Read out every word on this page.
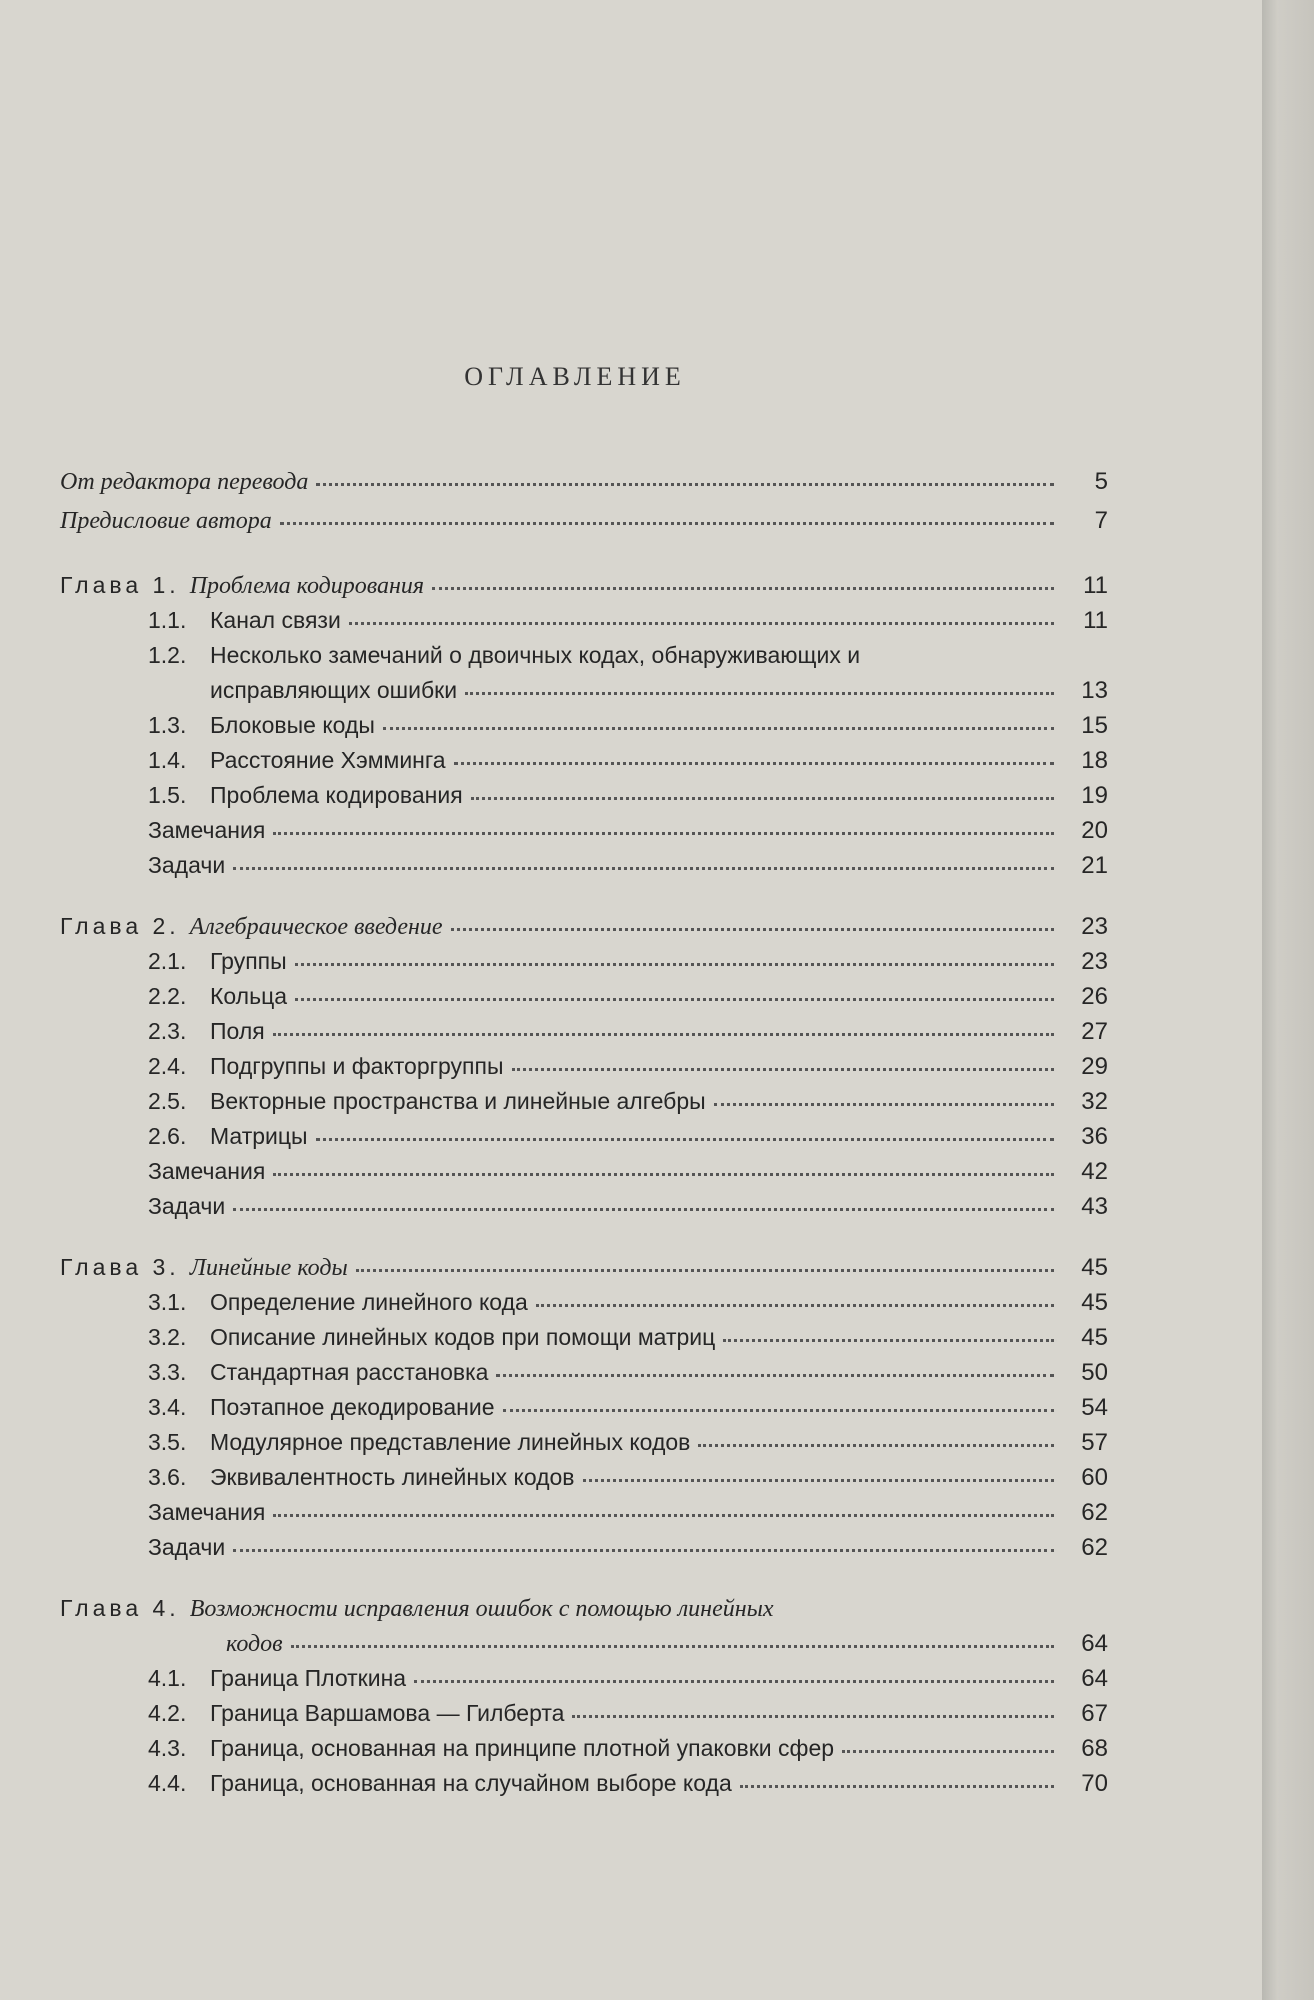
ОГЛАВЛЕНИЕ
От редактора перевода	5
Предисловие автора	7
Глава 1. Проблема кодирования	11
1.1.	Канал связи	11
1.2.	Несколько замечаний о двоичных кодах, обнаруживающих и
исправляющих ошибки	13
1.3.	Блоковые коды	15
1.4.	Расстояние Хэмминга	18
1.5.	Проблема кодирования	19
Замечания	20
Задачи	21
Глава 2. Алгебраическое введение	23
2.1.	Группы	23
2.2.	Кольца	26
2.3.	Поля	27
2.4.	Подгруппы и факторгруппы	29
2.5.	Векторные пространства и линейные алгебры	32
2.6.	Матрицы	36
Замечания	42
Задачи	43
Глава 3. Линейные коды	45
3.1.	Определение линейного кода	45
3.2.	Описание линейных кодов при помощи матриц	45
3.3.	Стандартная расстановка	50
3.4.	Поэтапное декодирование	54
3.5.	Модулярное представление линейных кодов	57
3.6.	Эквивалентность линейных кодов	60
Замечания	62
Задачи	62
Глава 4. Возможности исправления ошибок с помощью линейных
кодов	64
4.1.	Граница Плоткина	64
4.2.	Граница Варшамова — Гилберта	67
4.3.	Граница, основанная на принципе плотной упаковки сфер	68
4.4.	Граница, основанная на случайном выборе кода	70
